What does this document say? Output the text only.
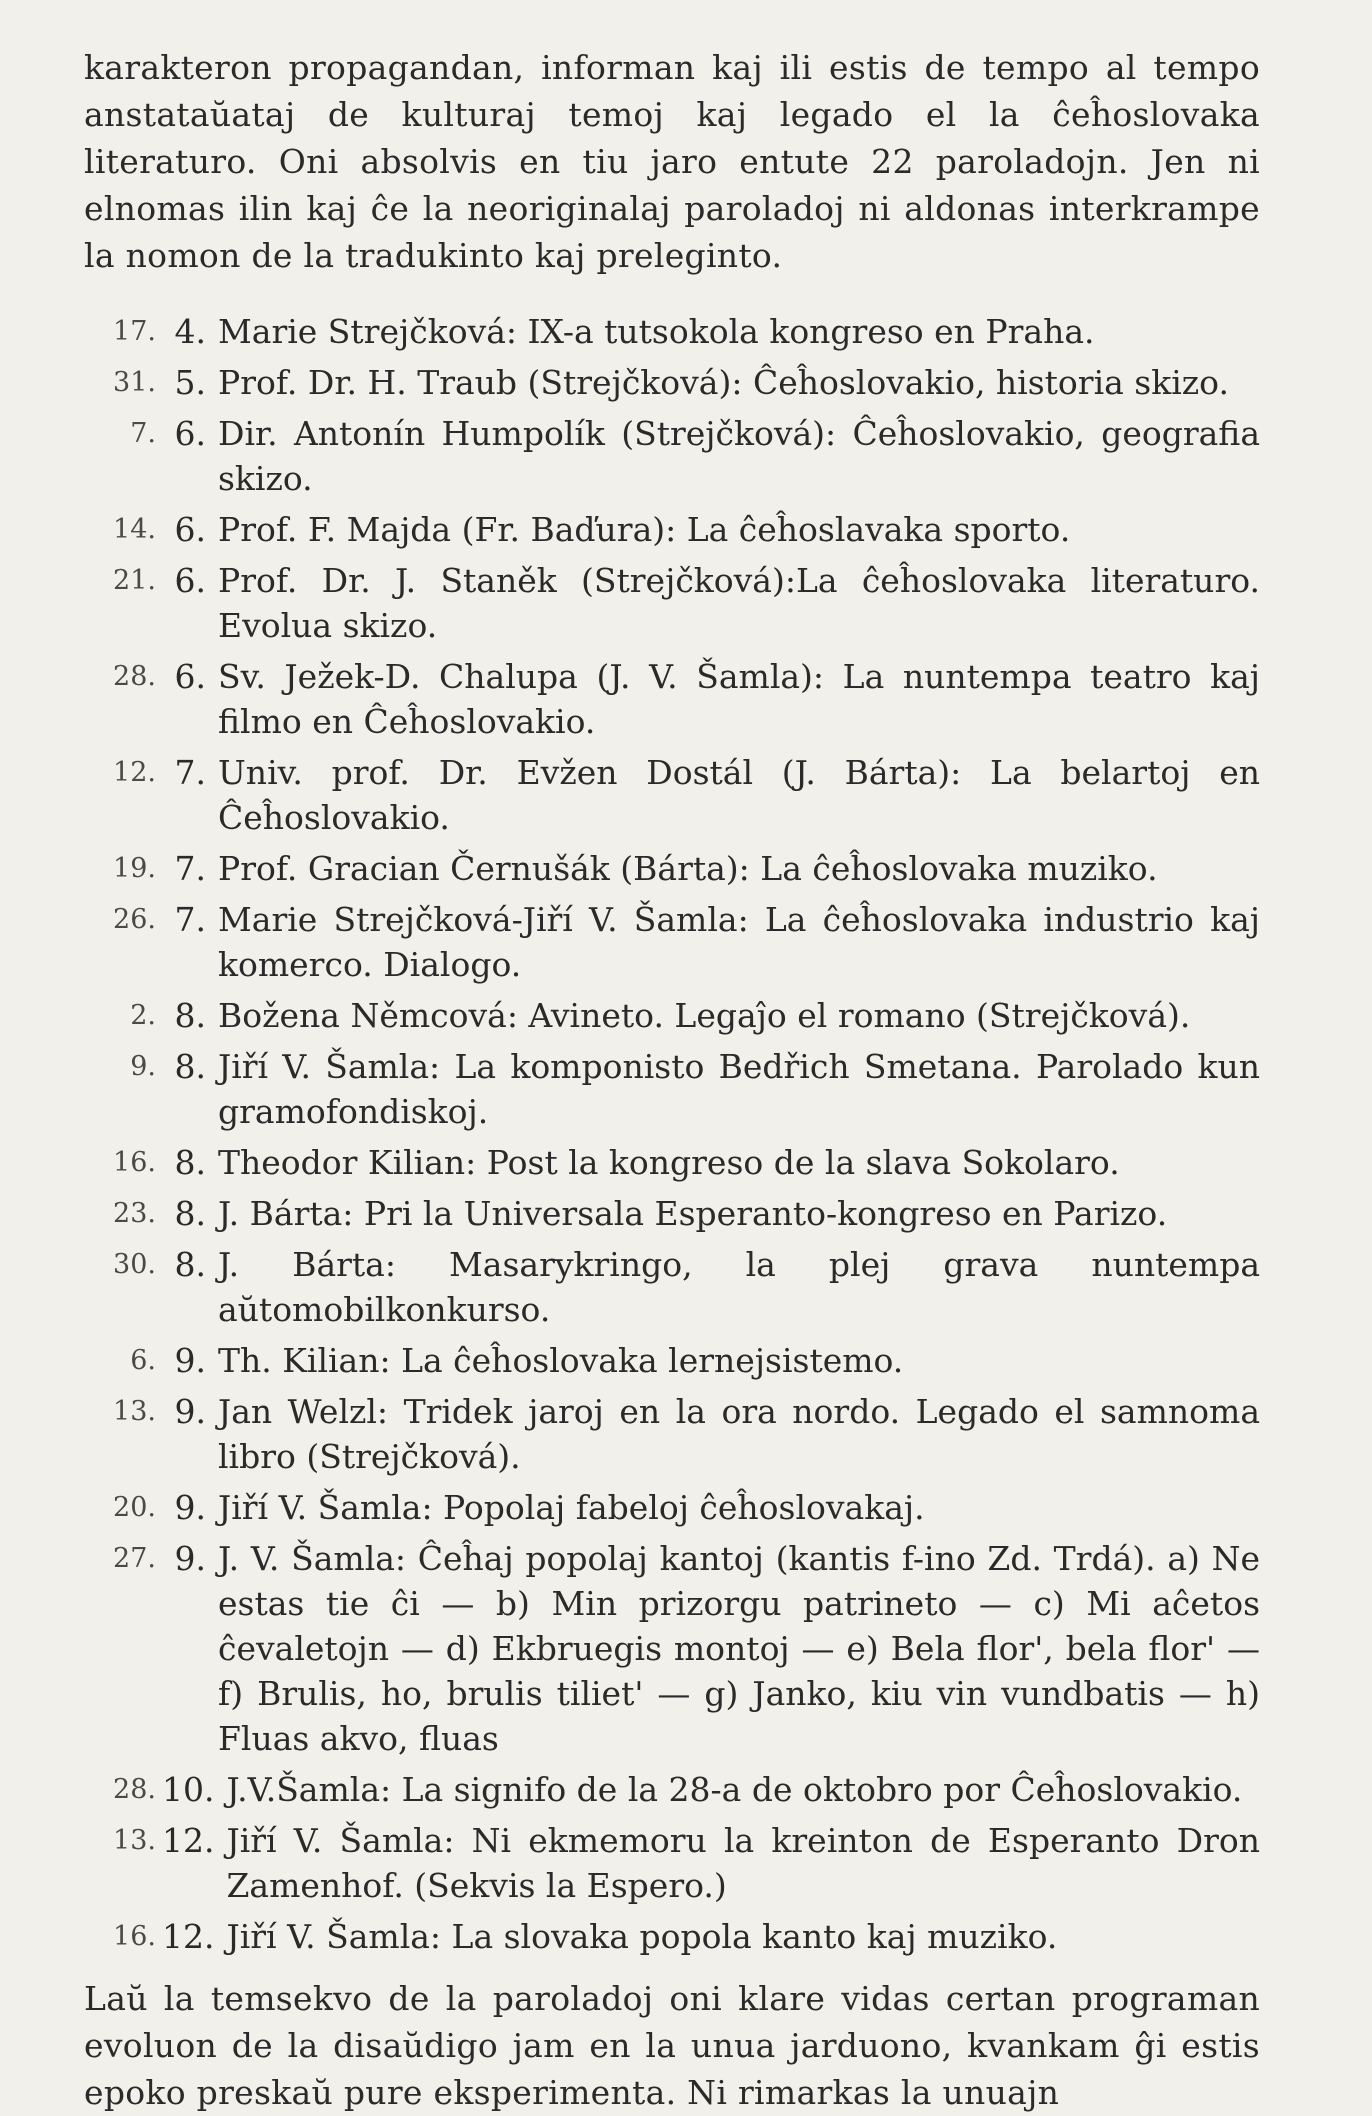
karakteron propagandan, informan kaj ili estis de tempo al tempo anstataŭataj de kulturaj temoj kaj legado el la ĉeĥoslovaka literaturo. Oni absolvis en tiu jaro entute 22 paroladojn. Jen ni elnomas ilin kaj ĉe la neoriginalaj paroladoj ni aldonas interkrampe la nomon de la tradukinto kaj preleginto.

17. 4. Marie Strejčková: IX-a tutsokola kongreso en Praha.
31. 5. Prof. Dr. H. Traub (Strejčková): Ĉeĥoslovakio, historia skizo.
7. 6. Dir. Antonín Humpolík (Strejčková): Ĉeĥoslovakio, geografia skizo.
14. 6. Prof. F. Majda (Fr. Baďura): La ĉeĥoslavaka sporto.
21. 6. Prof. Dr. J. Staněk (Strejčková):La ĉeĥoslovaka literaturo. Evolua skizo.
28. 6. Sv. Ježek-D. Chalupa (J. V. Šamla): La nuntempa teatro kaj filmo en Ĉeĥoslovakio.
12. 7. Univ. prof. Dr. Evžen Dostál (J. Bárta): La belartoj en Ĉeĥoslovakio.
19. 7. Prof. Gracian Černušák (Bárta): La ĉeĥoslovaka muziko.
26. 7. Marie Strejčková-Jiří V. Šamla: La ĉeĥoslovaka industrio kaj komerco. Dialogo.
2. 8. Božena Němcová: Avineto. Legaĵo el romano (Strejčková).
9. 8. Jiří V. Šamla: La komponisto Bedřich Smetana. Parolado kun gramofondiskoj.
16. 8. Theodor Kilian: Post la kongreso de la slava Sokolaro.
23. 8. J. Bárta: Pri la Universala Esperanto-kongreso en Parizo.
30. 8. J. Bárta: Masarykringo, la plej grava nuntempa aŭtomobilkonkurso.
6. 9. Th. Kilian: La ĉeĥoslovaka lernejsistemo.
13. 9. Jan Welzl: Tridek jaroj en la ora nordo. Legado el samnoma libro (Strejčková).
20. 9. Jiří V. Šamla: Popolaj fabeloj ĉeĥoslovakaj.
27. 9. J. V. Šamla: Ĉeĥaj popolaj kantoj (kantis f-ino Zd. Trdá). a) Ne estas tie ĉi — b) Min prizorgu patrineto — c) Mi aĉetos ĉevaletojn — d) Ekbruegis montoj — e) Bela flor', bela flor' — f) Brulis, ho, brulis tiliet' — g) Janko, kiu vin vundbatis — h) Fluas akvo, fluas
28. 10. J.V.Šamla: La signifo de la 28-a de oktobro por Ĉeĥoslovakio.
13. 12. Jiří V. Šamla: Ni ekmemoru la kreinton de Esperanto Dron Zamenhof. (Sekvis la Espero.)
16. 12. Jiří V. Šamla: La slovaka popola kanto kaj muziko.

Laŭ la temsekvo de la paroladoj oni klare vidas certan programan evoluon de la disaŭdigo jam en la unua jarduono, kvankam ĝi estis epoko preskaŭ pure eksperimenta. Ni rimarkas la unuajn
